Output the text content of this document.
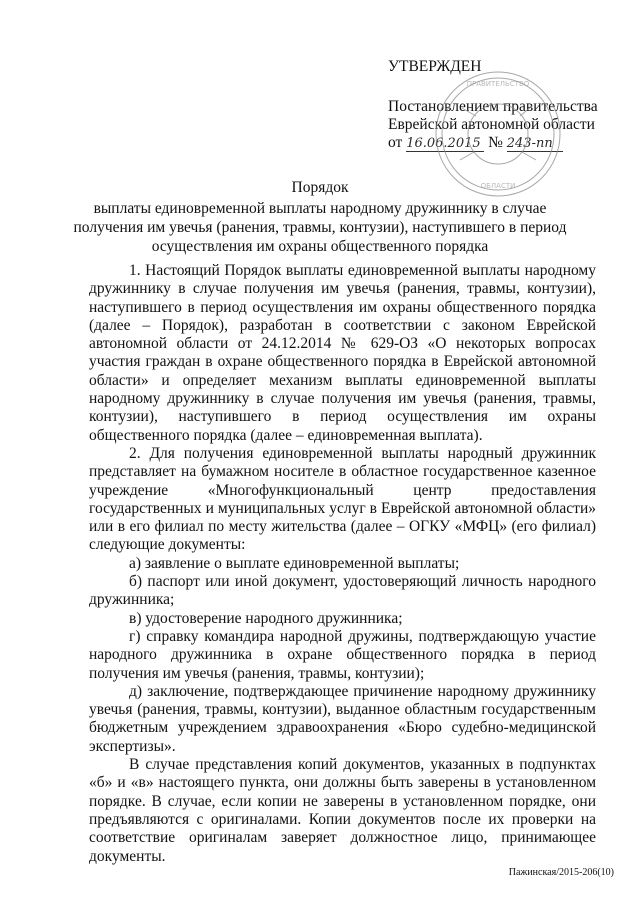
УТВЕРЖДЕН
Постановлением правительства
Еврейской автономной области
от 16.06.2015 № 243-пп
ПРАВИТЕЛЬСТВО
ОБЛАСТИ
Порядок
выплаты единовременной выплаты народному дружиннику в случае получения им увечья (ранения, травмы, контузии), наступившего в период осуществления им охраны общественного порядка

1. Настоящий Порядок выплаты единовременной выплаты народному дружиннику в случае получения им увечья (ранения, травмы, контузии), наступившего в период осуществления им охраны общественного порядка (далее – Порядок), разработан в соответствии с законом Еврейской автономной области от 24.12.2014 № 629-ОЗ «О некоторых вопросах участия граждан в охране общественного порядка в Еврейской автономной области» и определяет механизм выплаты единовременной выплаты народному дружиннику в случае получения им увечья (ранения, травмы, контузии), наступившего в период осуществления им охраны общественного порядка (далее – единовременная выплата).

2. Для получения единовременной выплаты народный дружинник представляет на бумажном носителе в областное государственное казенное учреждение «Многофункциональный центр предоставления государственных и муниципальных услуг в Еврейской автономной области» или в его филиал по месту жительства (далее – ОГКУ «МФЦ» (его филиал) следующие документы:

а) заявление о выплате единовременной выплаты;

б) паспорт или иной документ, удостоверяющий личность народного дружинника;

в) удостоверение народного дружинника;

г) справку командира народной дружины, подтверждающую участие народного дружинника в охране общественного порядка в период получения им увечья (ранения, травмы, контузии);

д) заключение, подтверждающее причинение народному дружиннику увечья (ранения, травмы, контузии), выданное областным государственным бюджетным учреждением здравоохранения «Бюро судебно-медицинской экспертизы».

В случае представления копий документов, указанных в подпунктах «б» и «в» настоящего пункта, они должны быть заверены в установленном порядке. В случае, если копии не заверены в установленном порядке, они предъявляются с оригиналами. Копии документов после их проверки на соответствие оригиналам заверяет должностное лицо, принимающее документы.

Пажинская/2015-206(10)
